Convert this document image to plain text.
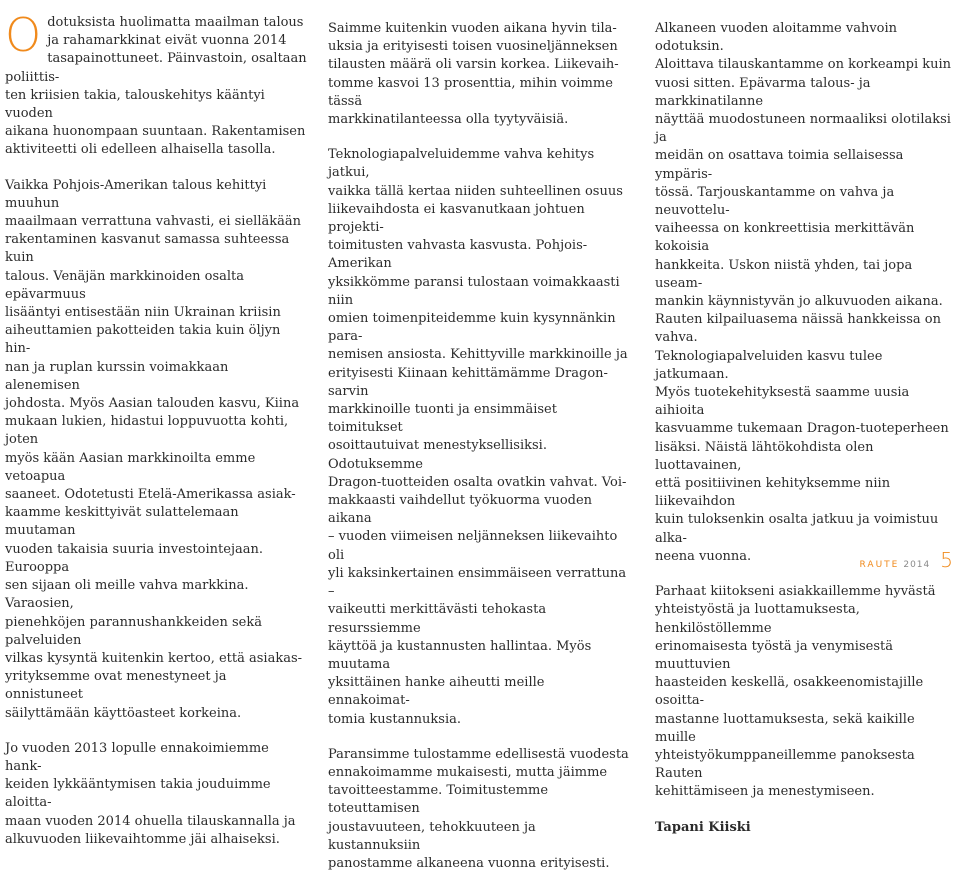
Odotuksista huolimatta maailman talous
ja rahamarkkinat eivät vuonna 2014
tasapainottuneet. Päinvastoin, osaltaan poliittis-
ten kriisien takia, talouskehitys kääntyi vuoden
aikana huonompaan suuntaan. Rakentamisen
aktiviteetti oli edelleen alhaisella tasolla.

Vaikka Pohjois-Amerikan talous kehittyi muuhun
maailmaan verrattuna vahvasti, ei sielläkään
rakentaminen kasvanut samassa suhteessa kuin
talous. Venäjän markkinoiden osalta epävarmuus
lisääntyi entisestään niin Ukrainan kriisin
aiheuttamien pakotteiden takia kuin öljyn hin-
nan ja ruplan kurssin voimakkaan alenemisen
johdosta. Myös Aasian talouden kasvu, Kiina
mukaan lukien, hidastui loppuvuotta kohti, joten
myös kään Aasian markkinoilta emme vetoapua
saaneet. Odotetusti Etelä-Amerikassa asiak-
kaamme keskittyivät sulattelemaan muutaman
vuoden takaisia suuria investointejaan. Eurooppa
sen sijaan oli meille vahva markkina. Varaosien,
pienehköjen parannushankkeiden sekä palveluiden
vilkas kysyntä kuitenkin kertoo, että asiakas-
yrityksemme ovat menestyneet ja onnistuneet
säilyttämään käyttöasteet korkeina.

Jo vuoden 2013 lopulle ennakoimiemme hank-
keiden lykkääntymisen takia jouduimme aloitta-
maan vuoden 2014 ohuella tilauskannalla ja
alkuvuoden liikevaihtomme jäi alhaiseksi.

Saimme kuitenkin vuoden aikana hyvin tila-
uksia ja erityisesti toisen vuosineljänneksen
tilausten määrä oli varsin korkea. Liikevaih-
tomme kasvoi 13 prosenttia, mihin voimme tässä
markkinatilanteessa olla tyytyväisiä.

Teknologiapalveluidemme vahva kehitys jatkui,
vaikka tällä kertaa niiden suhteellinen osuus
liikevaihdosta ei kasvanutkaan johtuen projekti-
toimitusten vahvasta kasvusta. Pohjois-Amerikan
yksikkömme paransi tulostaan voimakkaasti niin
omien toimenpiteidemme kuin kysynnänkin para-
nemisen ansiosta. Kehittyville markkinoille ja
erityisesti Kiinaan kehittämämme Dragon-sarvin
markkinoille tuonti ja ensimmäiset toimitukset
osoittautuivat menestyksellisiksi. Odotuksemme
Dragon-tuotteiden osalta ovatkin vahvat. Voi-
makkaasti vaihdellut työkuorma vuoden aikana
– vuoden viimeisen neljänneksen liikevaihto oli
yli kaksinkertainen ensimmäiseen verrattuna –
vaikeutti merkittävästi tehokasta resurssiemme
käyttöä ja kustannusten hallintaa. Myös muutama
yksittäinen hanke aiheutti meille ennakoimat-
tomia kustannuksia.

Paransimme tulostamme edellisestä vuodesta
ennakoimamme mukaisesti, mutta jäimme
tavoitteestamme. Toimitustemme toteuttamisen
joustavuuteen, tehokkuuteen ja kustannuksiin
panostamme alkaneena vuonna erityisesti.

Alkaneen vuoden aloitamme vahvoin odotuksin.
Aloittava tilauskantamme on korkeampi kuin
vuosi sitten. Epävarma talous- ja markkinatilanne
näyttää muodostuneen normaaliksi olotilaksi ja
meidän on osattava toimia sellaisessa ympäris-
tössä. Tarjouskantamme on vahva ja neuvottelu-
vaiheessa on konkreettisia merkittävän kokoisia
hankkeita. Uskon niistä yhden, tai jopa useam-
mankin käynnistyvän jo alkuvuoden aikana.
Rauten kilpailuasema näissä hankkeissa on vahva.
Teknologiapalveluiden kasvu tulee jatkumaan.
Myös tuotekehityksestä saamme uusia aihioita
kasvuamme tukemaan Dragon-tuoteperheen
lisäksi. Näistä lähtökohdista olen luottavainen,
että positiivinen kehityksemme niin liikevaihdon
kuin tuloksenkin osalta jatkuu ja voimistuu alka-
neena vuonna.

Parhaat kiitokseni asiakkaillemme hyvästä
yhteistyöstä ja luottamuksesta, henkilöstöllemme
erinomaisesta työstä ja venymisestä muuttuvien
haasteiden keskellä, osakkeenomistajille osoitta-
mastanne luottamuksesta, sekä kaikille muille
yhteistyökumppaneillemme panoksesta Rauten
kehittämiseen ja menestymiseen.

Tapani Kiiski

RAUTE 2014 5
